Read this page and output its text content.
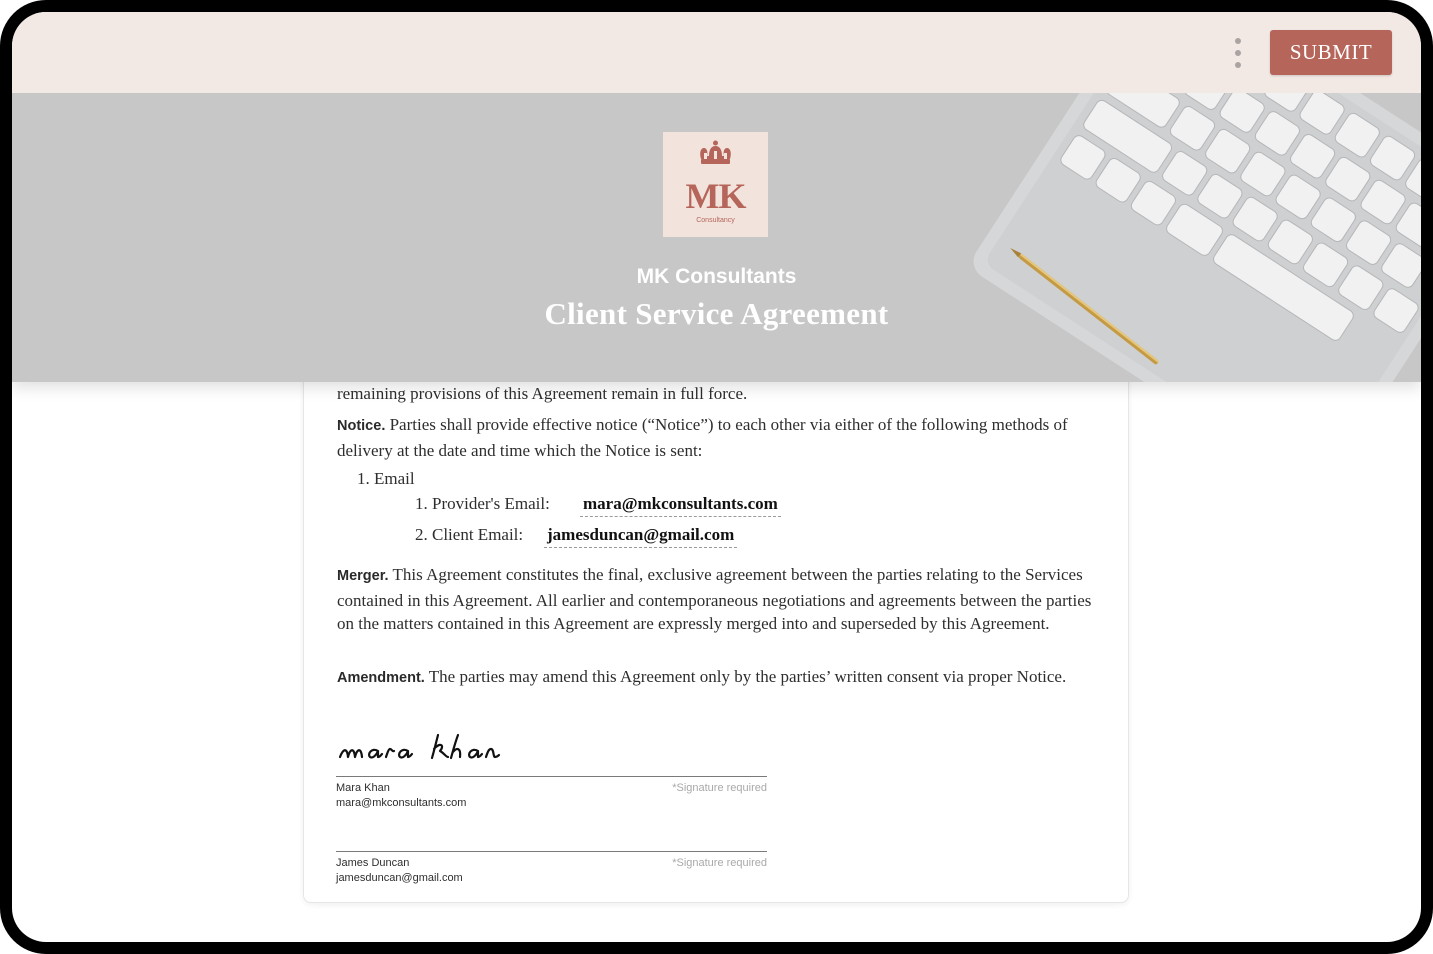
SUBMIT
MK
Consultancy
MK Consultants
Client Service Agreement
remaining provisions of this Agreement remain in full force.
Notice. Parties shall provide effective notice (“Notice”) to each other via either of the following methods of delivery at the date and time which the Notice is sent:
1. Email
1. Provider's Email: mara@mkconsultants.com
2. Client Email: jamesduncan@gmail.com
Merger. This Agreement constitutes the final, exclusive agreement between the parties relating to the Services contained in this Agreement. All earlier and contemporaneous negotiations and agreements between the parties on the matters contained in this Agreement are expressly merged into and superseded by this Agreement.
Amendment. The parties may amend this Agreement only by the parties’ written consent via proper Notice.
Mara Khan	*Signature required
mara@mkconsultants.com
James Duncan	*Signature required
jamesduncan@gmail.com
